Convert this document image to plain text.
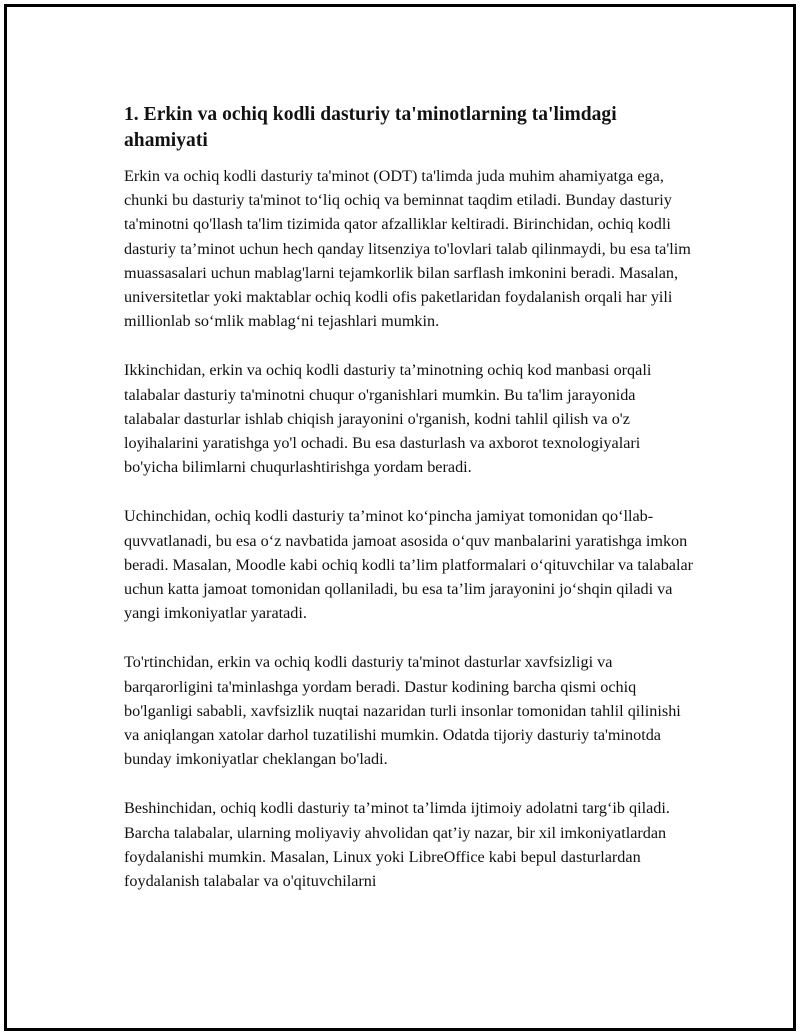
1. Erkin va ochiq kodli dasturiy ta'minotlarning ta'limdagi ahamiyati

Erkin va ochiq kodli dasturiy ta'minot (ODT) ta'limda juda muhim ahamiyatga ega, chunki bu dasturiy ta'minot to‘liq ochiq va beminnat taqdim etiladi. Bunday dasturiy ta'minotni qo'llash ta'lim tizimida qator afzalliklar keltiradi. Birinchidan, ochiq kodli dasturiy ta’minot uchun hech qanday litsenziya to'lovlari talab qilinmaydi, bu esa ta'lim muassasalari uchun mablag'larni tejamkorlik bilan sarflash imkonini beradi. Masalan, universitetlar yoki maktablar ochiq kodli ofis paketlaridan foydalanish orqali har yili millionlab so‘mlik mablag‘ni tejashlari mumkin.

Ikkinchidan, erkin va ochiq kodli dasturiy ta’minotning ochiq kod manbasi orqali talabalar dasturiy ta'minotni chuqur o'rganishlari mumkin. Bu ta'lim jarayonida talabalar dasturlar ishlab chiqish jarayonini o'rganish, kodni tahlil qilish va o'z loyihalarini yaratishga yo'l ochadi. Bu esa dasturlash va axborot texnologiyalari bo'yicha bilimlarni chuqurlashtirishga yordam beradi.

Uchinchidan, ochiq kodli dasturiy ta’minot ko‘pincha jamiyat tomonidan qo‘llab-quvvatlanadi, bu esa o‘z navbatida jamoat asosida o‘quv manbalarini yaratishga imkon beradi. Masalan, Moodle kabi ochiq kodli ta’lim platformalari o‘qituvchilar va talabalar uchun katta jamoat tomonidan qollaniladi, bu esa ta’lim jarayonini jo‘shqin qiladi va yangi imkoniyatlar yaratadi.

To'rtinchidan, erkin va ochiq kodli dasturiy ta'minot dasturlar xavfsizligi va barqarorligini ta'minlashga yordam beradi. Dastur kodining barcha qismi ochiq bo'lganligi sababli, xavfsizlik nuqtai nazaridan turli insonlar tomonidan tahlil qilinishi va aniqlangan xatolar darhol tuzatilishi mumkin. Odatda tijoriy dasturiy ta'minotda bunday imkoniyatlar cheklangan bo'ladi.

Beshinchidan, ochiq kodli dasturiy ta’minot ta’limda ijtimoiy adolatni targ‘ib qiladi. Barcha talabalar, ularning moliyaviy ahvolidan qat’iy nazar, bir xil imkoniyatlardan foydalanishi mumkin. Masalan, Linux yoki LibreOffice kabi bepul dasturlardan foydalanish talabalar va o'qituvchilarni
